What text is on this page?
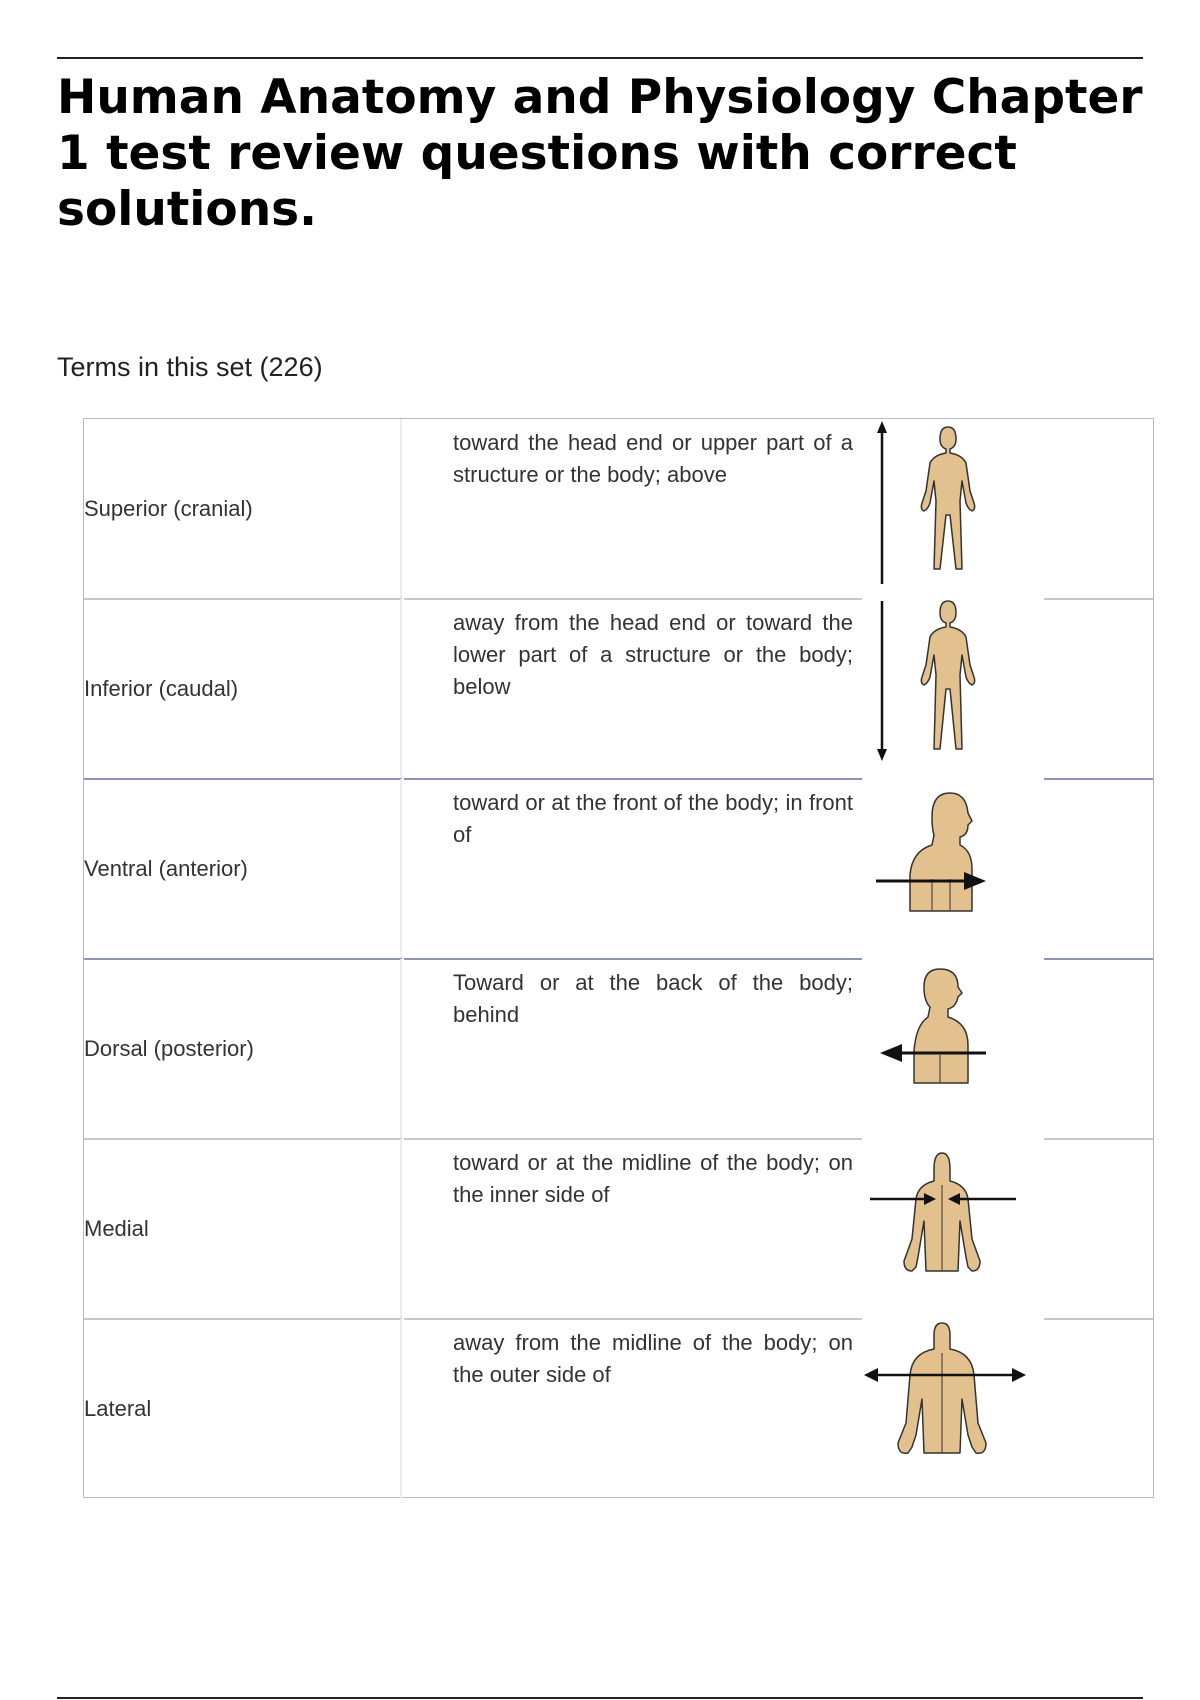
Human Anatomy and Physiology Chapter 1 test review questions with correct solutions.
Terms in this set (226)
Superior (cranial)
toward the head end or upper part of a structure or the body; above
Inferior (caudal)
away from the head end or toward the lower part of a structure or the body; below
Ventral (anterior)
toward or at the front of the body; in front of
Dorsal (posterior)
Toward or at the back of the body; behind
Medial
toward or at the midline of the body; on the inner side of
Lateral
away from the midline of the body; on the outer side of
